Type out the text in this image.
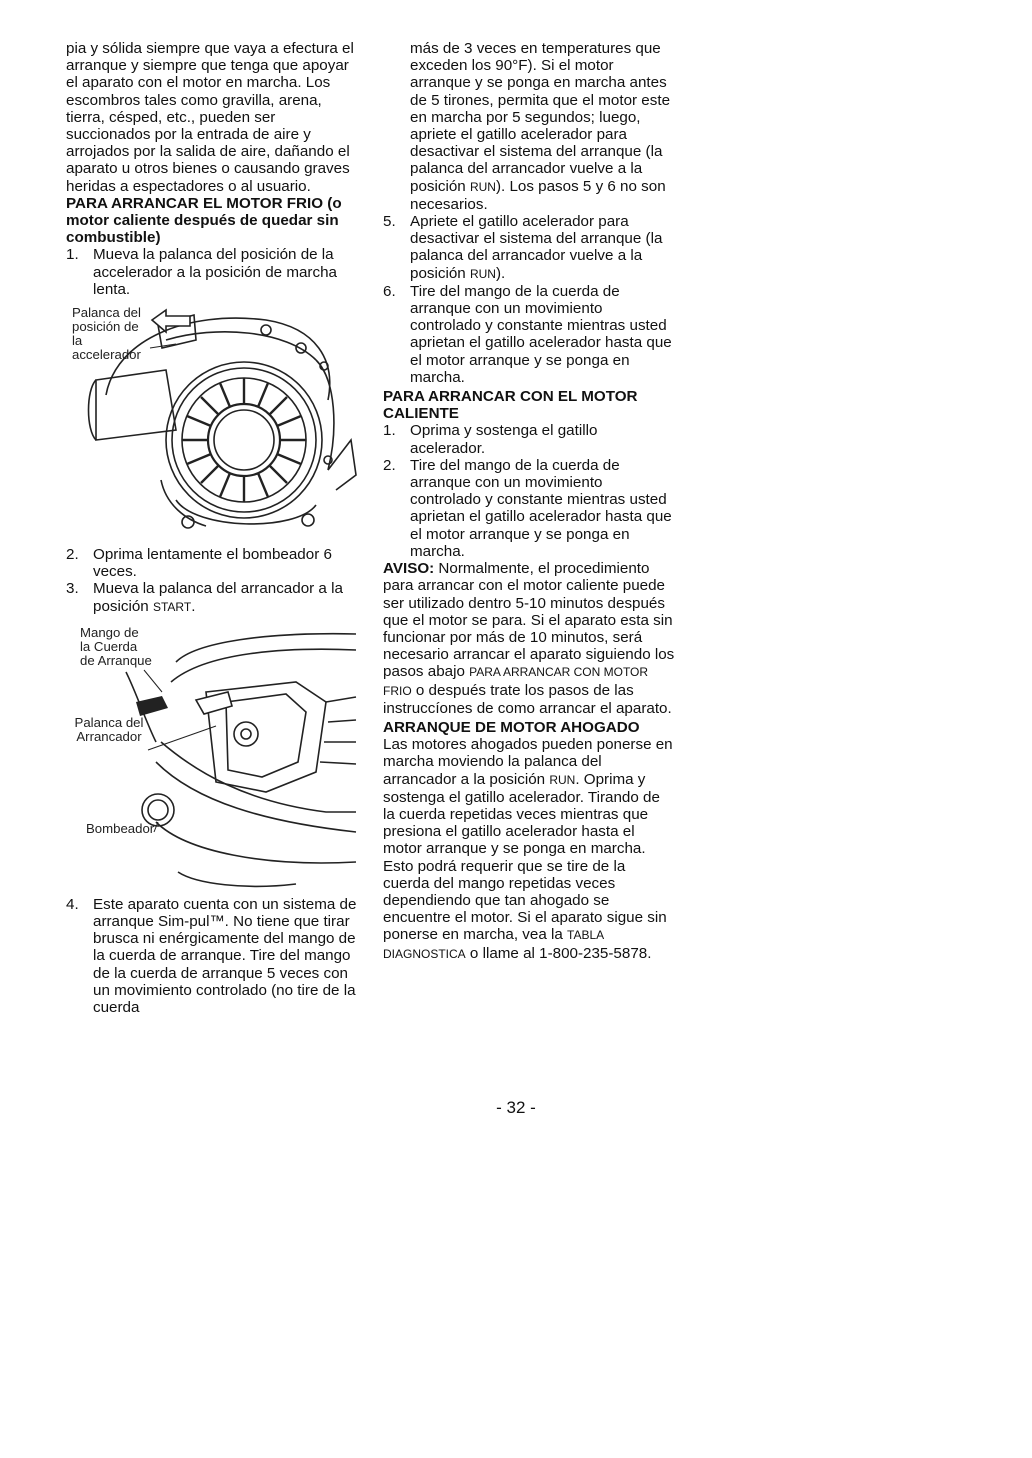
pia y sólida siempre que vaya a efectura el arranque y siempre que tenga que apoyar el aparato con el motor en marcha. Los escombros tales como gravilla, arena, tierra, césped, etc., pueden ser succionados por la entrada de aire y arrojados por la salida de aire, dañando el aparato u otros bienes o causando graves heridas a espectadores o al usuario.

PARA ARRANCAR EL MOTOR FRIO (o motor caliente después de quedar sin combustible)
1. Mueva la palanca del posición de la accelerador a la posición de marcha lenta.
Palanca del posición de la accelerador
2. Oprima lentamente el bombeador 6 veces.
3. Mueva la palanca del arrancador a la posición START.
Mango de la Cuerda de Arranque
Palanca del Arrancador
Bombeador
4. Este aparato cuenta con un sistema de arranque Sim-pul™. No tiene que tirar brusca ni enérgicamente del mango de la cuerda de arranque. Tire del mango de la cuerda de arranque 5 veces con un movimiento controlado (no tire de la cuerda
más de 3 veces en temperatures que exceden los 90°F). Si el motor arranque y se ponga en marcha antes de 5 tirones, permita que el motor este en marcha por 5 segundos; luego, apriete el gatillo acelerador para desactivar el sistema del arranque (la palanca del arrancador vuelve a la posición RUN). Los pasos 5 y 6 no son necesarios.
5. Apriete el gatillo acelerador para desactivar el sistema del arranque (la palanca del arrancador vuelve a la posición RUN).
6. Tire del mango de la cuerda de arranque con un movimiento controlado y constante mientras usted aprietan el gatillo acelerador hasta que el motor arranque y se ponga en marcha.
PARA ARRANCAR CON EL MOTOR CALIENTE
1. Oprima y sostenga el gatillo acelerador.
2. Tire del mango de la cuerda de arranque con un movimiento controlado y constante mientras usted aprietan el gatillo acelerador hasta que el motor arranque y se ponga en marcha.

AVISO: Normalmente, el procedimiento para arrancar con el motor caliente puede ser utilizado dentro 5-10 minutos después que el motor se para. Si el aparato esta sin funcionar por más de 10 minutos, será necesario arrancar el aparato siguiendo los pasos abajo PARA ARRANCAR CON MOTOR FRIO o después trate los pasos de las instruccíones de como arrancar el aparato.

ARRANQUE DE MOTOR AHOGADO

Las motores ahogados pueden ponerse en marcha moviendo la palanca del arrancador a la posición RUN. Oprima y sostenga el gatillo acelerador. Tirando de la cuerda repetidas veces mientras que presiona el gatillo acelerador hasta el motor arranque y se ponga en marcha. Esto podrá requerir que se tire de la cuerda del mango repetidas veces dependiendo que tan ahogado se encuentre el motor. Si el aparato sigue sin ponerse en marcha, vea la TABLA DIAGNOSTICA o llame al 1-800-235-5878.

- 32 -
